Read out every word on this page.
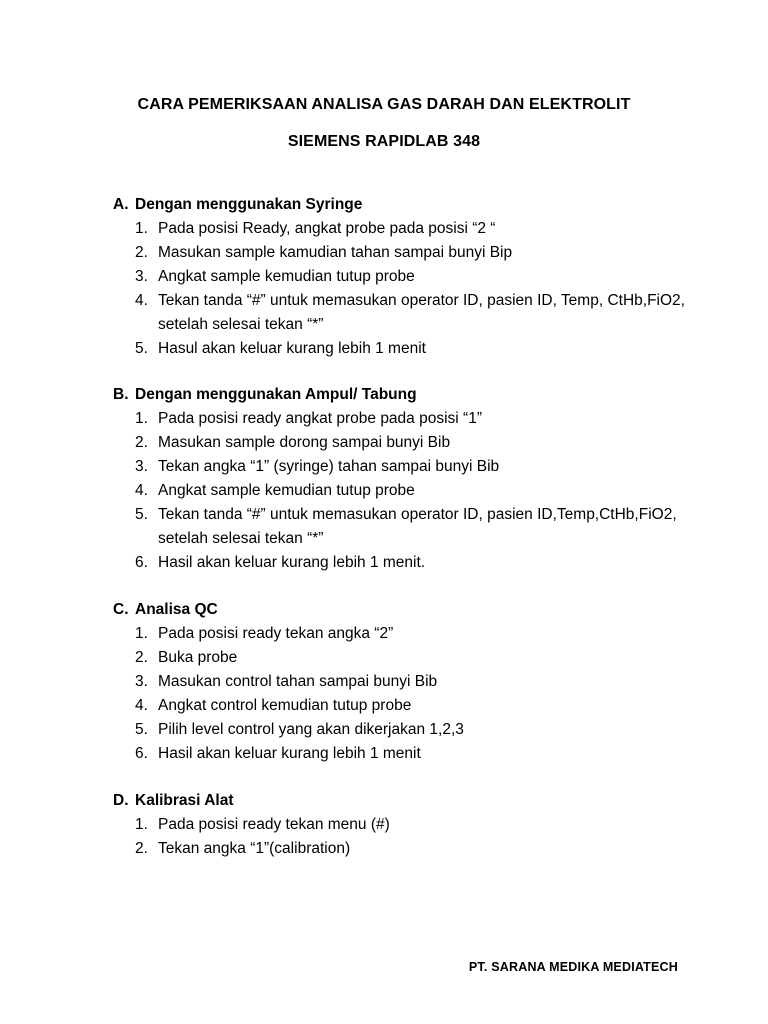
CARA PEMERIKSAAN ANALISA GAS DARAH DAN ELEKTROLIT
SIEMENS RAPIDLAB 348
A. Dengan menggunakan Syringe
1. Pada posisi Ready, angkat probe pada posisi “2 “
2. Masukan sample kamudian tahan sampai bunyi Bip
3. Angkat sample kemudian tutup probe
4. Tekan tanda “#” untuk memasukan operator ID, pasien ID, Temp, CtHb,FiO2, setelah selesai tekan “*”
5. Hasul akan keluar kurang lebih 1 menit
B. Dengan menggunakan Ampul/ Tabung
1. Pada posisi ready angkat probe pada posisi “1”
2. Masukan sample dorong sampai bunyi Bib
3. Tekan angka “1” (syringe) tahan sampai bunyi Bib
4. Angkat sample kemudian tutup probe
5. Tekan tanda “#” untuk memasukan operator ID, pasien ID,Temp,CtHb,FiO2, setelah selesai tekan “*”
6. Hasil akan keluar kurang lebih 1 menit.
C. Analisa QC
1. Pada posisi ready tekan angka “2”
2. Buka probe
3. Masukan control tahan sampai bunyi Bib
4. Angkat control kemudian tutup probe
5. Pilih level control yang akan dikerjakan 1,2,3
6. Hasil akan keluar kurang lebih 1 menit
D. Kalibrasi Alat
1. Pada posisi ready tekan menu (#)
2. Tekan angka “1”(calibration)
PT. SARANA MEDIKA MEDIATECH
